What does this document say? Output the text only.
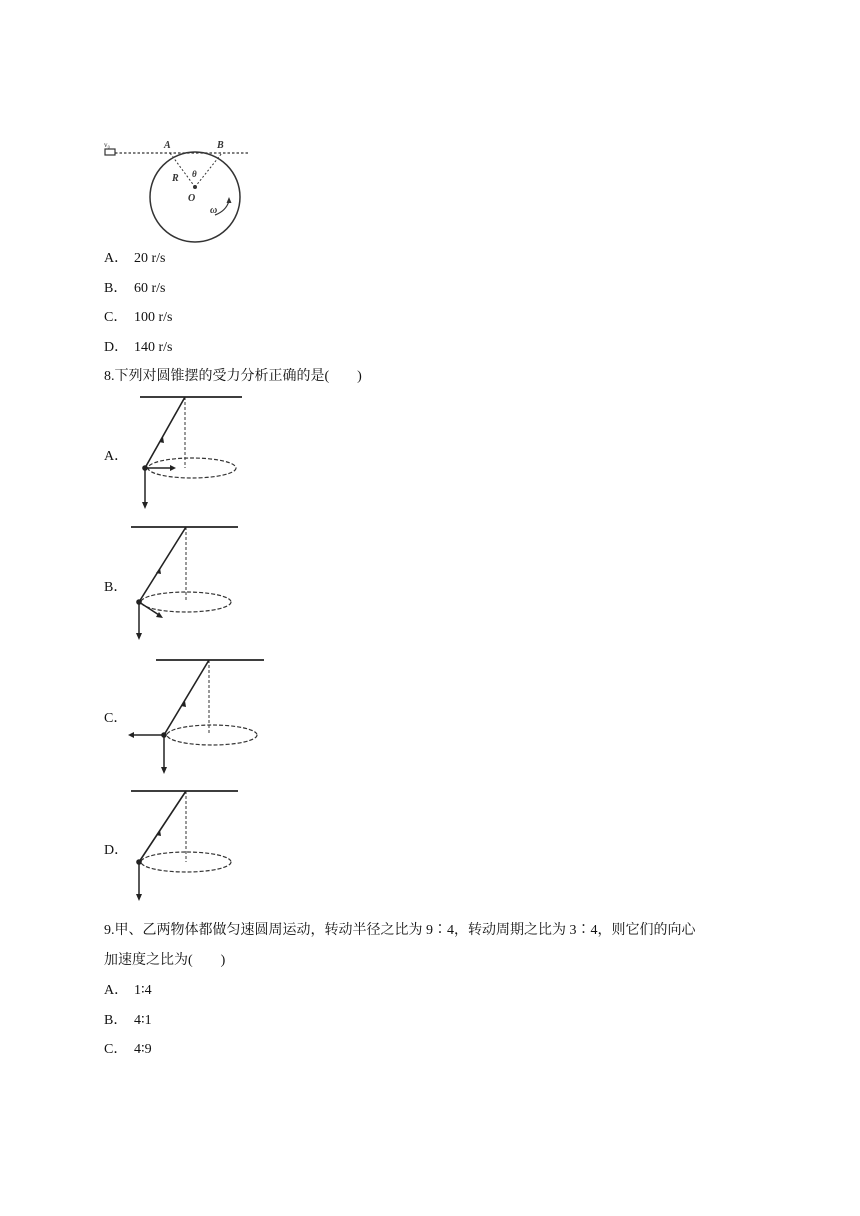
v₀	A	B
R θ
O
ω
A． 20 r/s
B． 60 r/s
C． 100 r/s
D． 140 r/s
8.下列对圆锥摆的受力分析正确的是(　　)
A．
B．
C．
D．
9.甲、乙两物体都做匀速圆周运动，转动半径之比为 9∶4，转动周期之比为 3∶4，则它们的向心
加速度之比为(　　)
A． 1∶4
B． 4∶1
C． 4∶9
